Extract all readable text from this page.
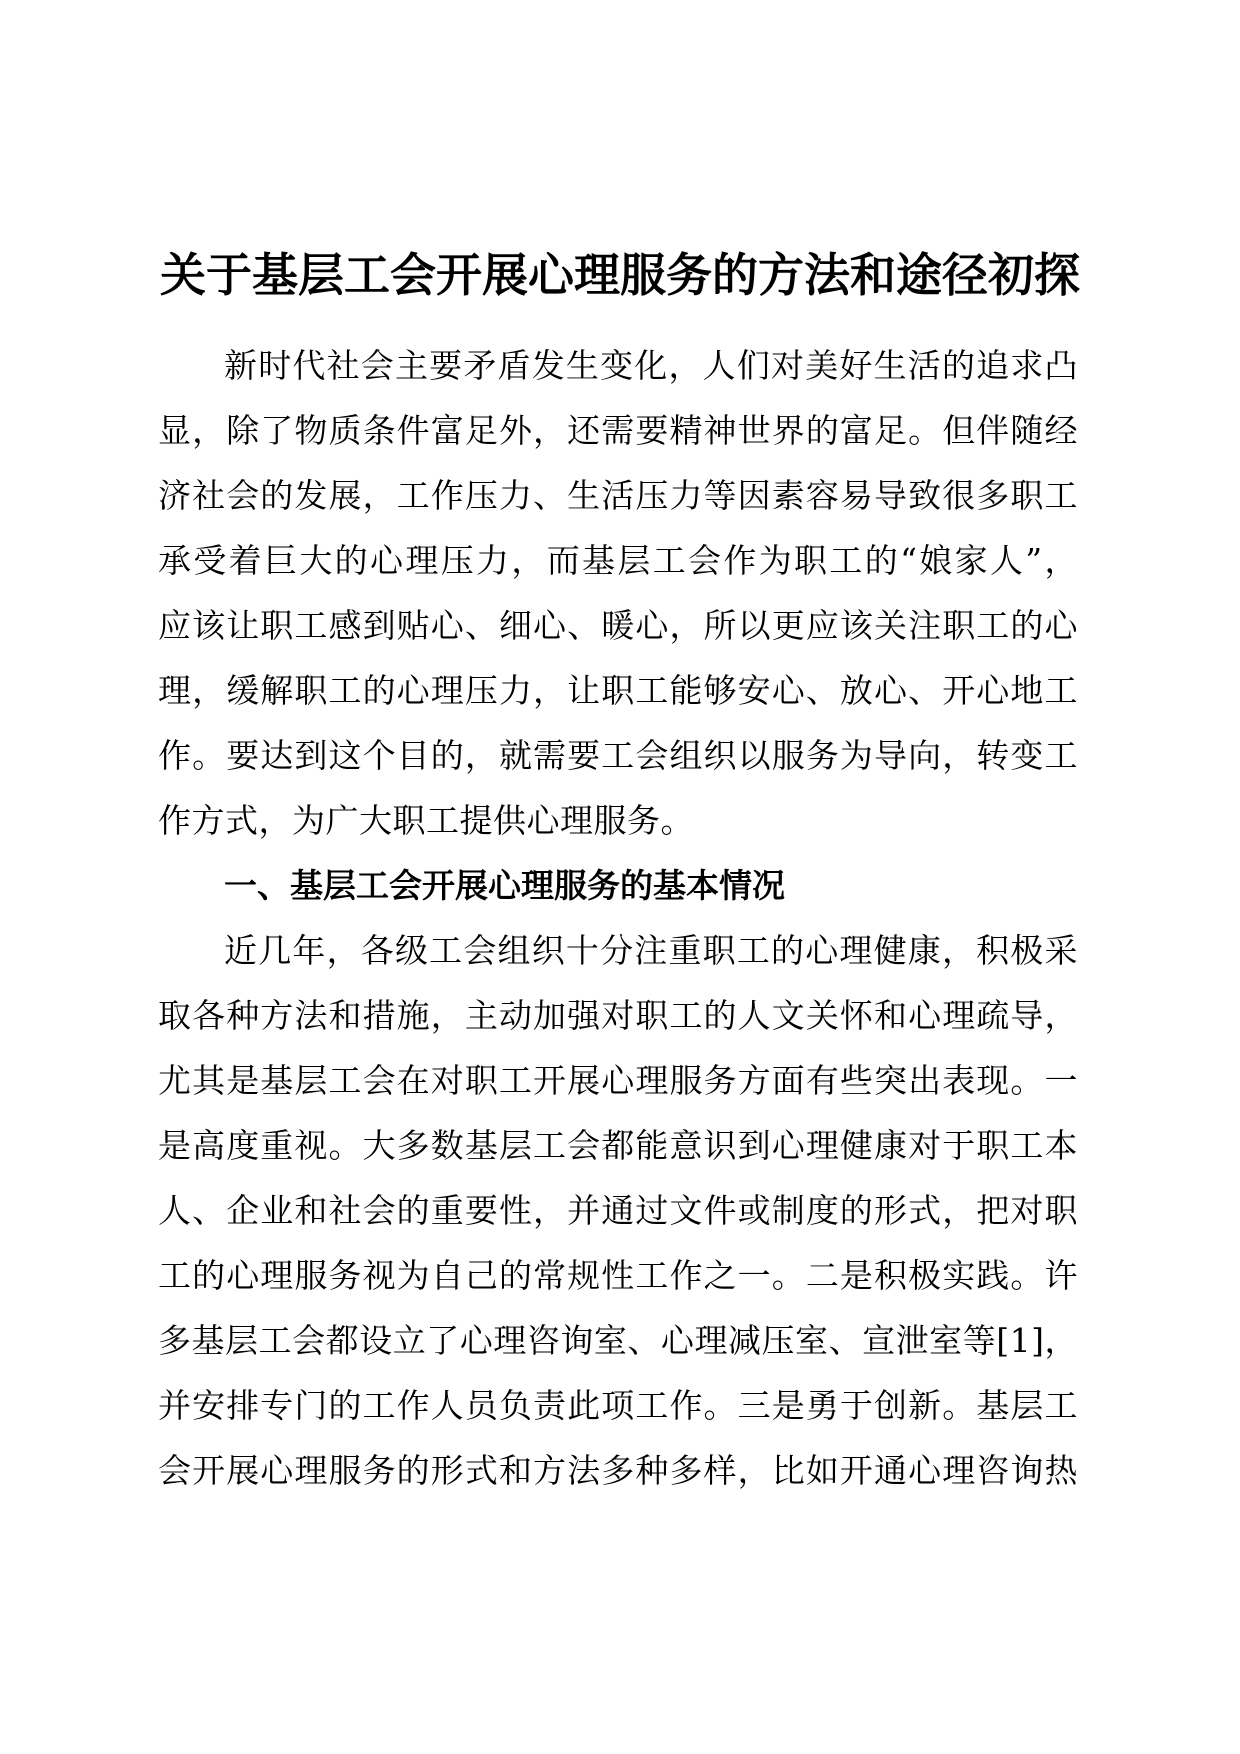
关于基层工会开展心理服务的方法和途径初探
新时代社会主要矛盾发生变化，人们对美好生活的追求凸
显，除了物质条件富足外，还需要精神世界的富足。但伴随经
济社会的发展，工作压力、生活压力等因素容易导致很多职工
承受着巨大的心理压力，而基层工会作为职工的“娘家人”，
应该让职工感到贴心、细心、暖心，所以更应该关注职工的心
理，缓解职工的心理压力，让职工能够安心、放心、开心地工
作。要达到这个目的，就需要工会组织以服务为导向，转变工
作方式，为广大职工提供心理服务。
一、基层工会开展心理服务的基本情况
近几年，各级工会组织十分注重职工的心理健康，积极采
取各种方法和措施，主动加强对职工的人文关怀和心理疏导，
尤其是基层工会在对职工开展心理服务方面有些突出表现。一
是高度重视。大多数基层工会都能意识到心理健康对于职工本
人、企业和社会的重要性，并通过文件或制度的形式，把对职
工的心理服务视为自己的常规性工作之一。二是积极实践。许
多基层工会都设立了心理咨询室、心理减压室、宣泄室等[1]，
并安排专门的工作人员负责此项工作。三是勇于创新。基层工
会开展心理服务的形式和方法多种多样，比如开通心理咨询热
